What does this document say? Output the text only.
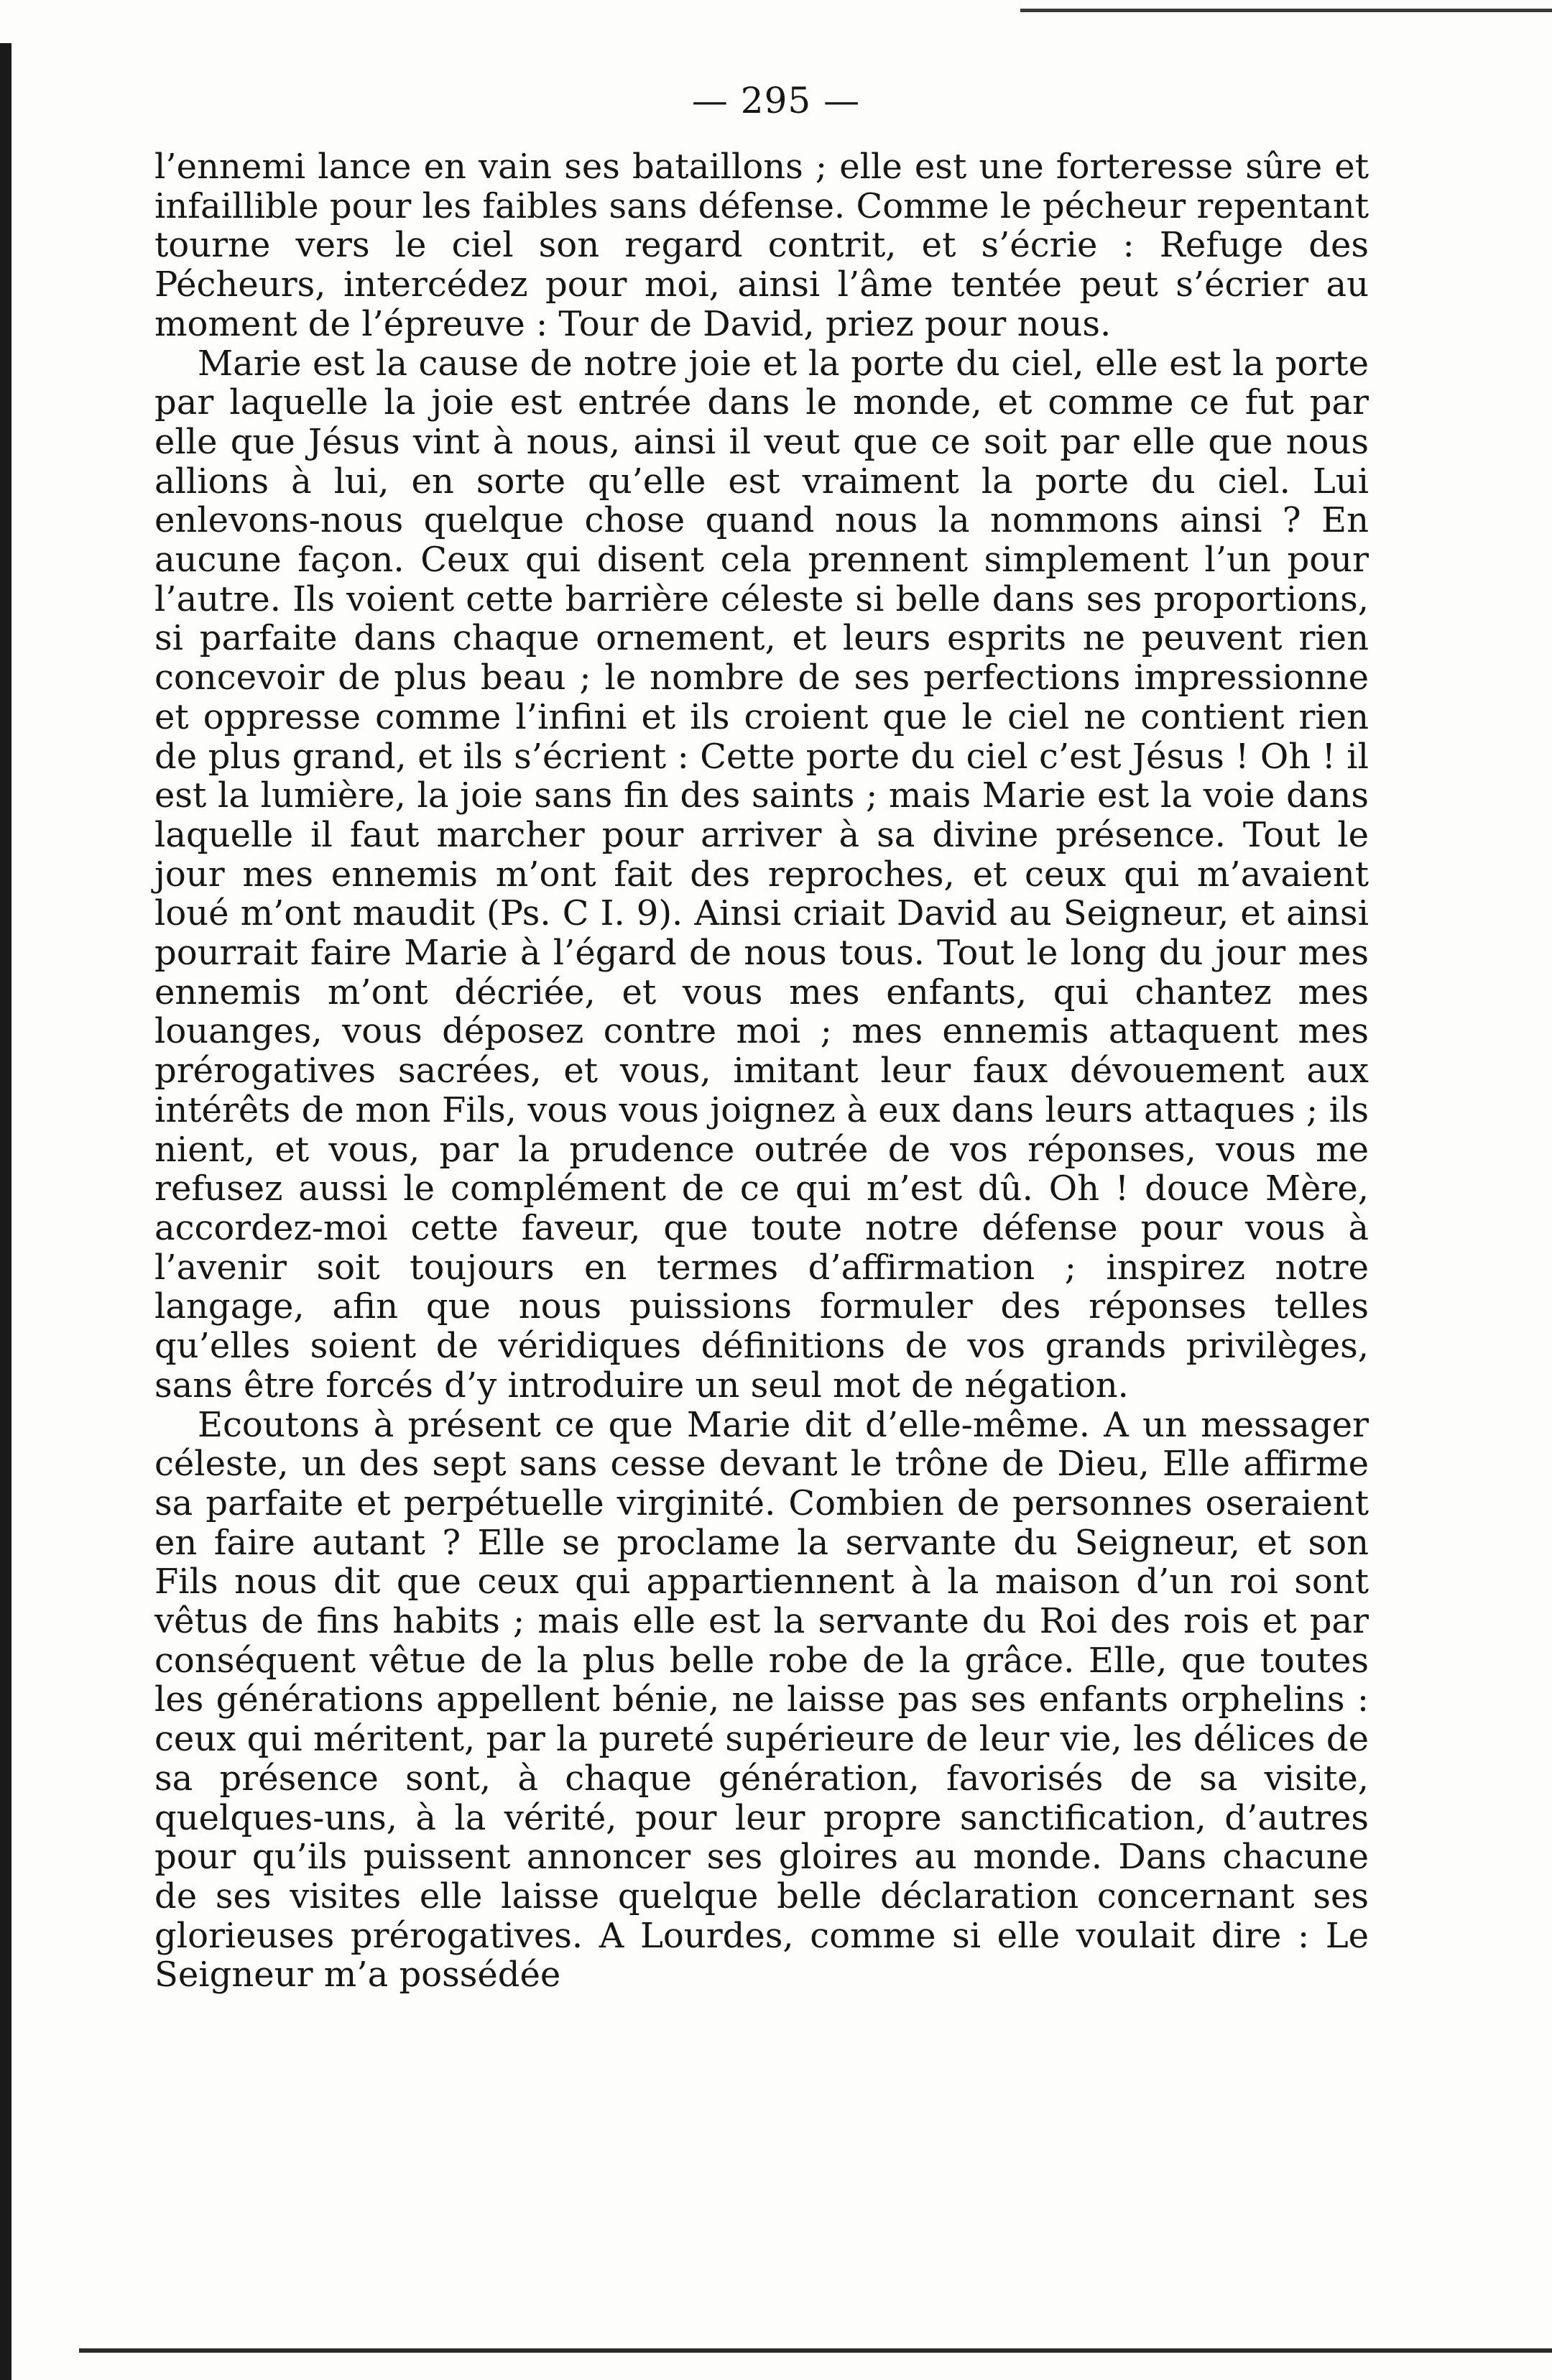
— 295 —

l’ennemi lance en vain ses bataillons ; elle est une forteresse sûre et infaillible pour les faibles sans défense. Comme le pécheur repentant tourne vers le ciel son regard contrit, et s’écrie : Refuge des Pécheurs, intercédez pour moi, ainsi l’âme tentée peut s’écrier au moment de l’épreuve : Tour de David, priez pour nous.

Marie est la cause de notre joie et la porte du ciel, elle est la porte par laquelle la joie est entrée dans le monde, et comme ce fut par elle que Jésus vint à nous, ainsi il veut que ce soit par elle que nous allions à lui, en sorte qu’elle est vraiment la porte du ciel. Lui enlevons-nous quelque chose quand nous la nommons ainsi ? En aucune façon. Ceux qui disent cela prennent simplement l’un pour l’autre. Ils voient cette barrière céleste si belle dans ses proportions, si parfaite dans chaque ornement, et leurs esprits ne peuvent rien concevoir de plus beau ; le nombre de ses perfections impressionne et oppresse comme l’infini et ils croient que le ciel ne contient rien de plus grand, et ils s’écrient : Cette porte du ciel c’est Jésus ! Oh ! il est la lumière, la joie sans fin des saints ; mais Marie est la voie dans laquelle il faut marcher pour arriver à sa divine présence. Tout le jour mes ennemis m’ont fait des reproches, et ceux qui m’avaient loué m’ont maudit (Ps. C I. 9). Ainsi criait David au Seigneur, et ainsi pourrait faire Marie à l’égard de nous tous. Tout le long du jour mes ennemis m’ont décriée, et vous mes enfants, qui chantez mes louanges, vous déposez contre moi ; mes ennemis attaquent mes prérogatives sacrées, et vous, imitant leur faux dévouement aux intérêts de mon Fils, vous vous joignez à eux dans leurs attaques ; ils nient, et vous, par la prudence outrée de vos réponses, vous me refusez aussi le complément de ce qui m’est dû. Oh ! douce Mère, accordez-moi cette faveur, que toute notre défense pour vous à l’avenir soit toujours en termes d’affirmation ; inspirez notre langage, afin que nous puissions formuler des réponses telles qu’elles soient de véridiques définitions de vos grands privilèges, sans être forcés d’y introduire un seul mot de négation.

Ecoutons à présent ce que Marie dit d’elle-même. A un messager céleste, un des sept sans cesse devant le trône de Dieu, Elle affirme sa parfaite et perpétuelle virginité. Combien de personnes oseraient en faire autant ? Elle se proclame la servante du Seigneur, et son Fils nous dit que ceux qui appartiennent à la maison d’un roi sont vêtus de fins habits ; mais elle est la servante du Roi des rois et par conséquent vêtue de la plus belle robe de la grâce. Elle, que toutes les générations appellent bénie, ne laisse pas ses enfants orphelins : ceux qui méritent, par la pureté supérieure de leur vie, les délices de sa présence sont, à chaque génération, favorisés de sa visite, quelques-uns, à la vérité, pour leur propre sanctification, d’autres pour qu’ils puissent annoncer ses gloires au monde. Dans chacune de ses visites elle laisse quelque belle déclaration concernant ses glorieuses prérogatives. A Lourdes, comme si elle voulait dire : Le Seigneur m’a possédée
